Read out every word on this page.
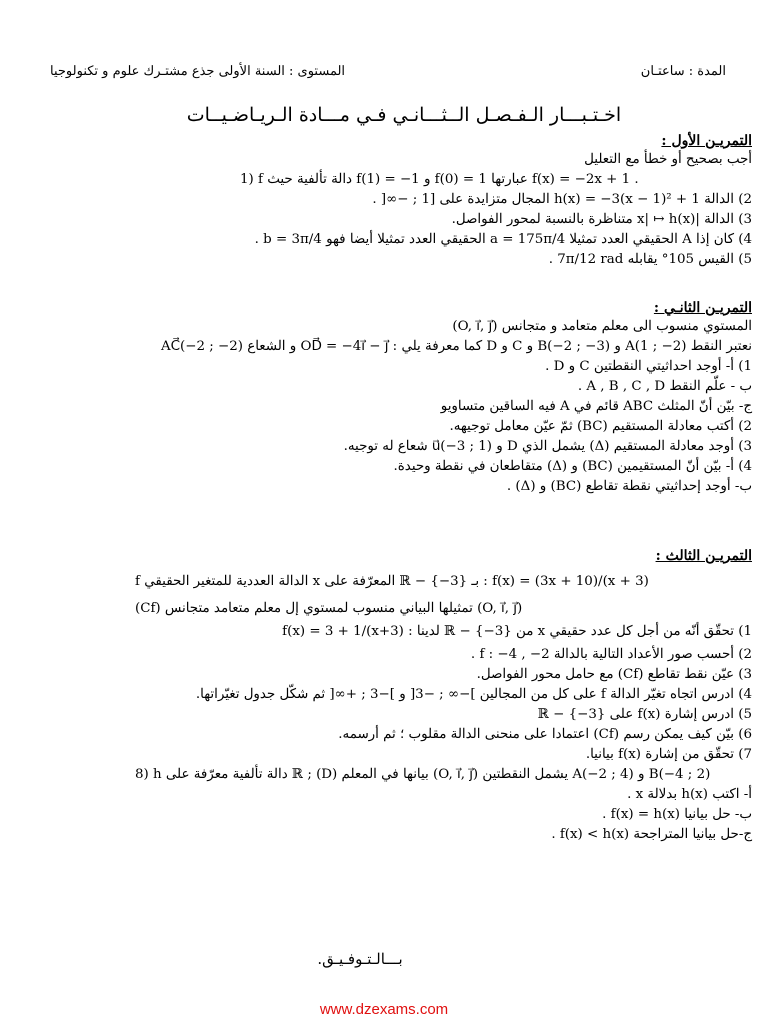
المستوى : السنة الأولى جذع مشتـرك علوم و تكنولوجيا	المدة : ساعتـان
اخـتـبـــار الـفـصـل الــثـــانـي فـي مـــادة الـريـاضـيــات
التمريـن الأول :
أجب بصحيح أو خطأ مع التعليل
1) f دالة تألفية حيث f(1) = −1 و f(0) = 1 عبارتها f(x) = −2x + 1 .
2) الدالة h(x) = −3(x − 1)² + 1 المجال متزايدة على [1 ; −∞[ .
3) الدالة |x| ↦ h(x) متناظرة بالنسبة لمحور الفواصل.
4) كان إذا A الحقيقي العدد تمثيلا a = 175π/4 الحقيقي العدد تمثيلا أيضا فهو b = 3π/4 .
5) القيس 105° يقابله 7π/12 rad .
التمريـن الثانـي :
المستوي منسوب الى معلم متعامد و متجانس (O, i⃗, j⃗)
نعتبر النقط A(1 ; −2) و B(−2 ; −3) و C و D كما معرفة يلي : OD⃗ = −4i⃗ − j⃗ و الشعاع AC⃗(−2 ; −2)
1) أ- أوجد احداثيتي النقطتين C و D .
ب - علّم النقط A , B , C , D .
ج- بيّن أنّ المثلث ABC قائم في A فيه الساقين متساويو
2) أكتب معادلة المستقيم (BC) ثمّ عيّن معامل توجيهه.
3) أوجد معادلة المستقيم (Δ) يشمل الذي D و u⃗(−3 ; 1) شعاع له توجيه.
4) أ- بيّن أنّ المستقيمين (BC) و (Δ) متقاطعان في نقطة وحيدة.
ب- أوجد إحداثيتي نقطة تقاطع (BC) و (Δ) .
التمريـن الثالث :
f الدالة العددية للمتغير الحقيقي x المعرّفة على ℝ − {−3} بـ : f(x) = (3x + 10)/(x + 3)
(Cf) تمثيلها البياني منسوب لمستوي إل معلم متعامد متجانس (O, i⃗, j⃗)
1) تحقّق أنّه من أجل كل عدد حقيقي x من ℝ − {−3} لدينا : f(x) = 3 + 1/(x+3)
2) أحسب صور الأعداد التالية بالدالة f : −4 , −2 .
3) عيّن نقط تقاطع (Cf) مع حامل محور الفواصل.
4) ادرس اتجاه تغيّر الدالة f على كل من المجالين ]−∞ ; −3[ و ]−3 ; +∞[ ثم شكّل جدول تغيّراتها.
5) ادرس إشارة f(x) على ℝ − {−3}
6) بيّن كيف يمكن رسم (Cf) اعتمادا على منحنى الدالة مقلوب ؛ ثم أرسمه.
7) تحقّق من إشارة f(x) بيانيا.
8) h دالة تألفية معرّفة على ℝ ; (D) بيانها في المعلم (O, i⃗, j⃗) يشمل النقطتين A(−2 ; 4) و B(−4 ; 2)
أ- اكتب h(x) بدلالة x .
ب- حل بيانيا f(x) = h(x) .
ج-حل بيانيا المتراجحة f(x) < h(x) .
بـــالـتـوفـيـق.
www.dzexams.com
